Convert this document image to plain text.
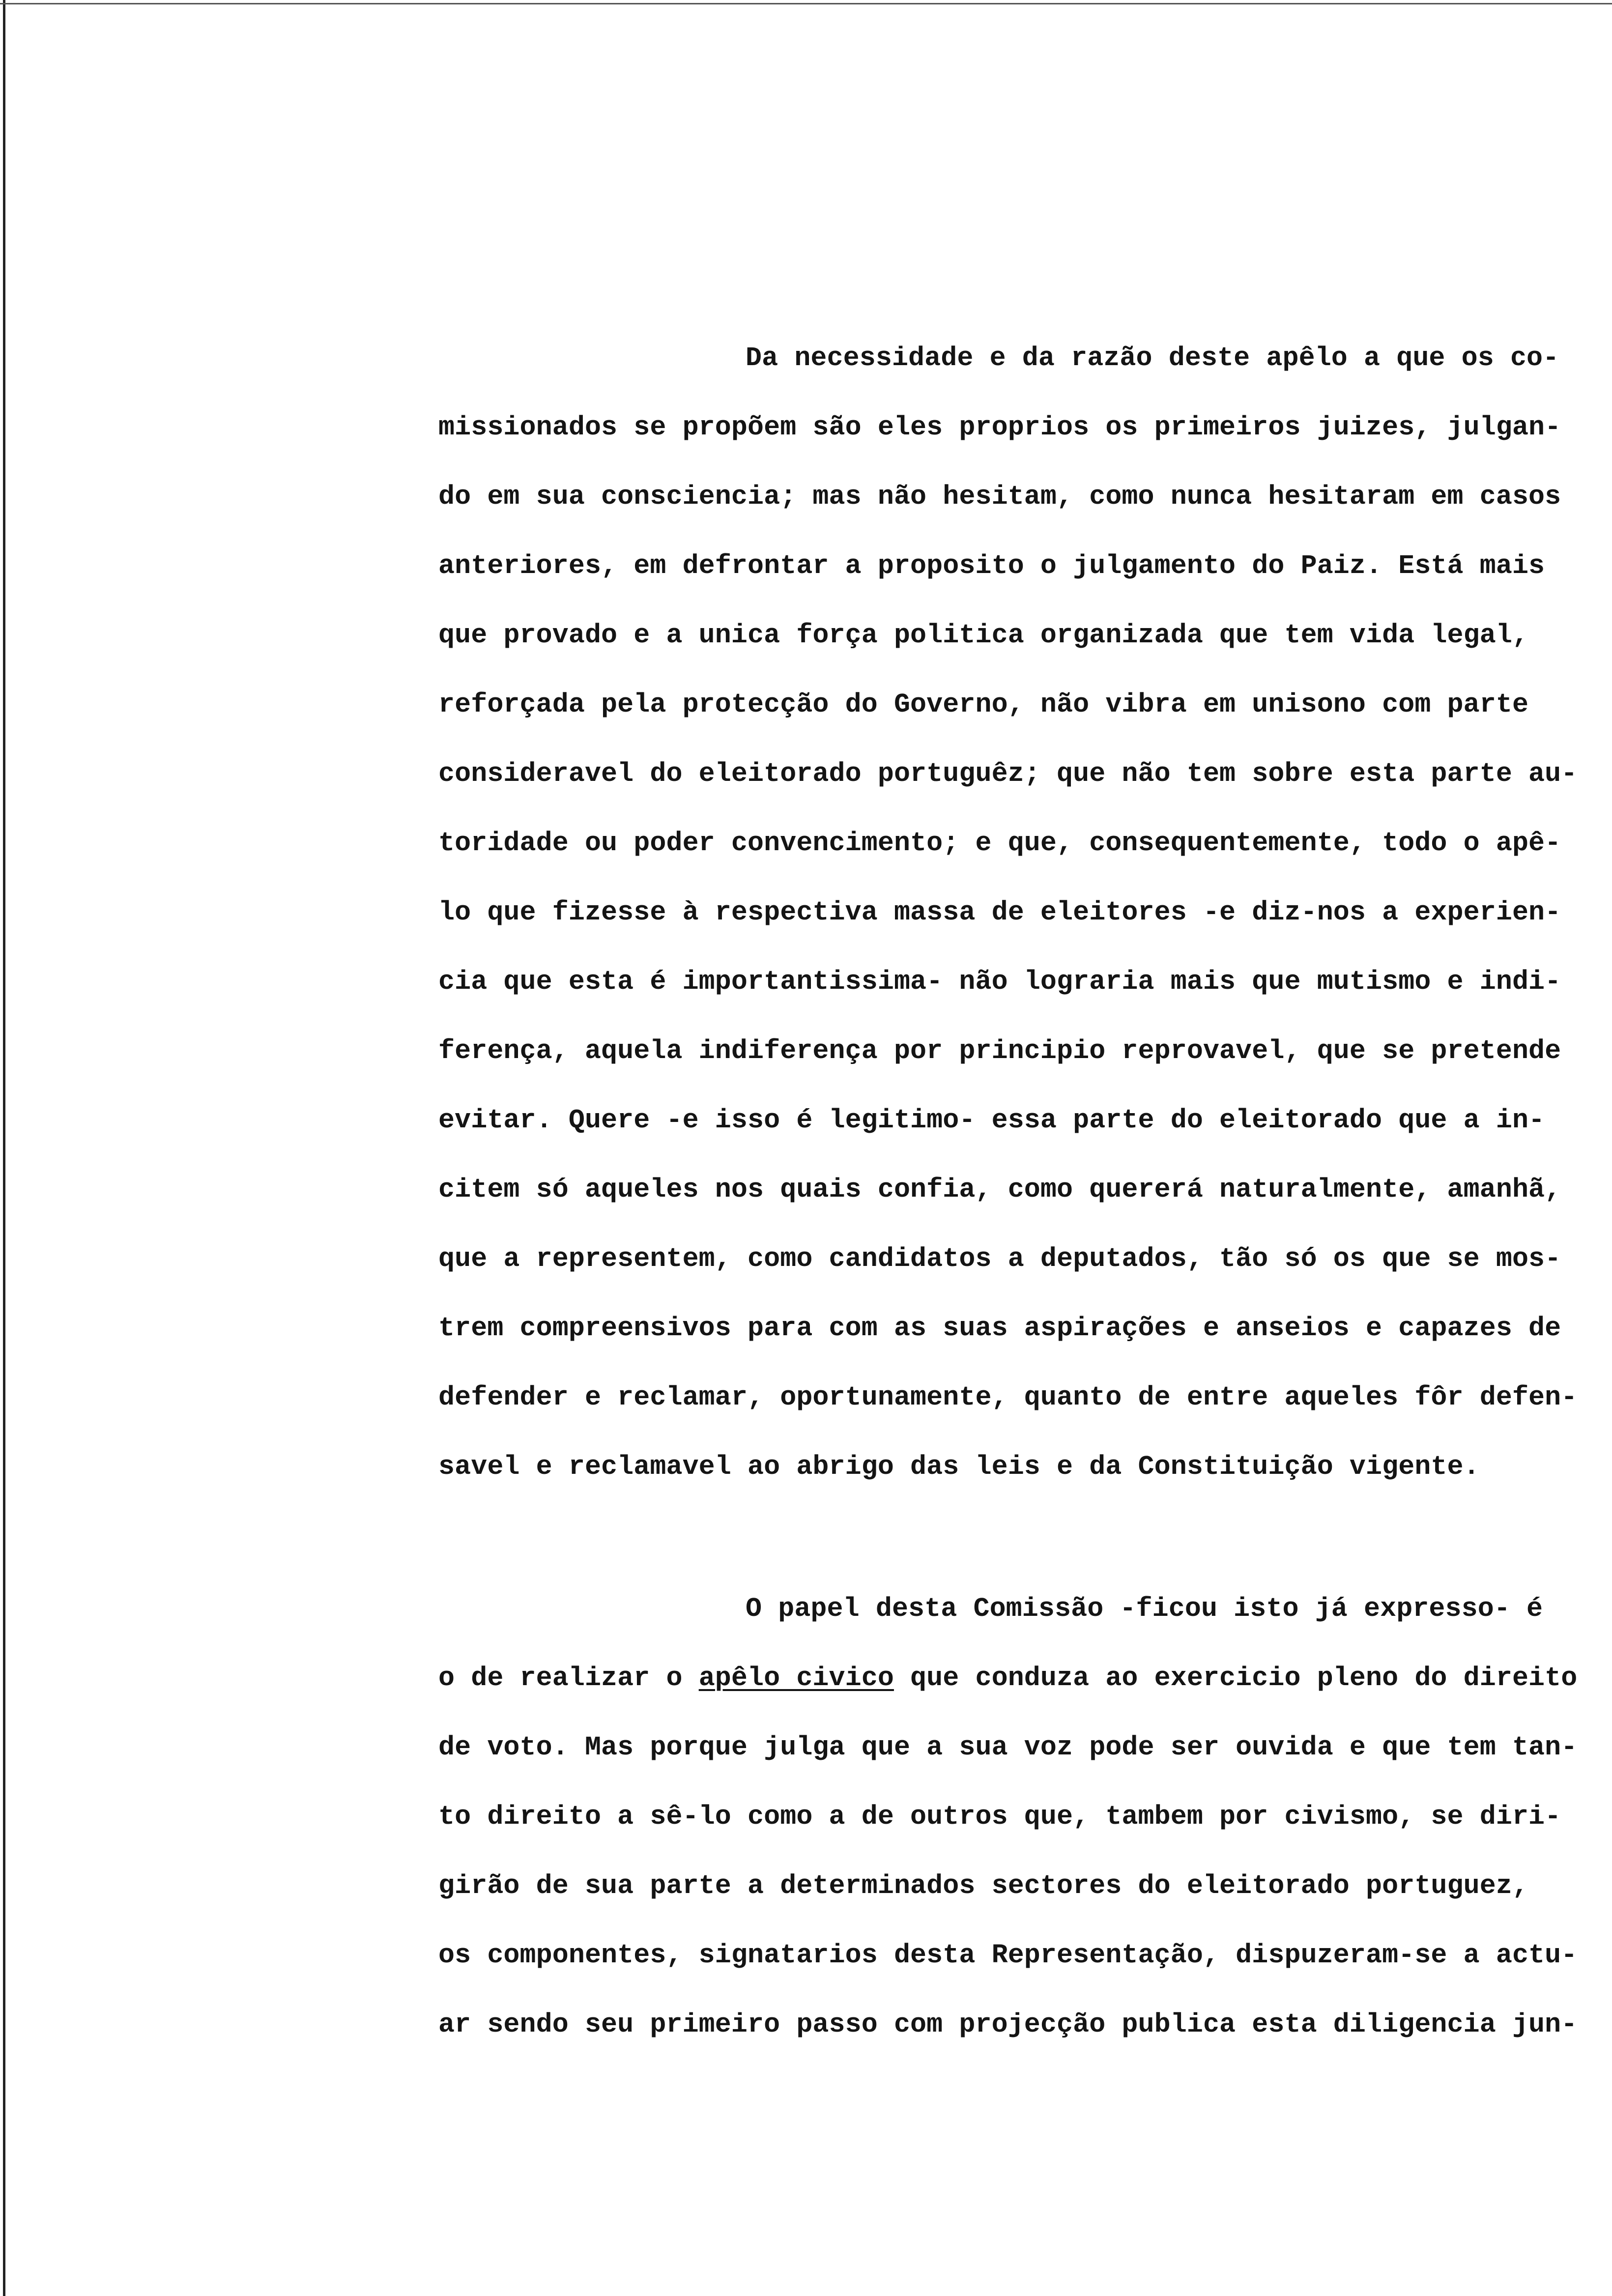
Da necessidade e da razão deste apêlo a que os co-
missionados se propõem são eles proprios os primeiros juizes, julgan-
do em sua consciencia; mas não hesitam, como nunca hesitaram em casos
anteriores, em defrontar a proposito o julgamento do Paiz. Está mais
que provado e a unica força politica organizada que tem vida legal,
reforçada pela protecção do Governo, não vibra em unisono com parte
consideravel do eleitorado portuguêz; que não tem sobre esta parte au-
toridade ou poder convencimento; e que, consequentemente, todo o apê-
lo que fizesse à respectiva massa de eleitores -e diz-nos a experien-
cia que esta é importantissima- não lograria mais que mutismo e indi-
ferença, aquela indiferença por principio reprovavel, que se pretende
evitar. Quere -e isso é legitimo- essa parte do eleitorado que a in-
citem só aqueles nos quais confia, como quererá naturalmente, amanhã,
que a representem, como candidatos a deputados, tão só os que se mos-
trem compreensivos para com as suas aspirações e anseios e capazes de
defender e reclamar, oportunamente, quanto de entre aqueles fôr defen-
savel e reclamavel ao abrigo das leis e da Constituição vigente.
O papel desta Comissão -ficou isto já expresso- é
o de realizar o apêlo civico que conduza ao exercicio pleno do direito
de voto. Mas porque julga que a sua voz pode ser ouvida e que tem tan-
to direito a sê-lo como a de outros que, tambem por civismo, se diri-
girão de sua parte a determinados sectores do eleitorado portuguez,
os componentes, signatarios desta Representação, dispuzeram-se a actu-
ar sendo seu primeiro passo com projecção publica esta diligencia jun-
